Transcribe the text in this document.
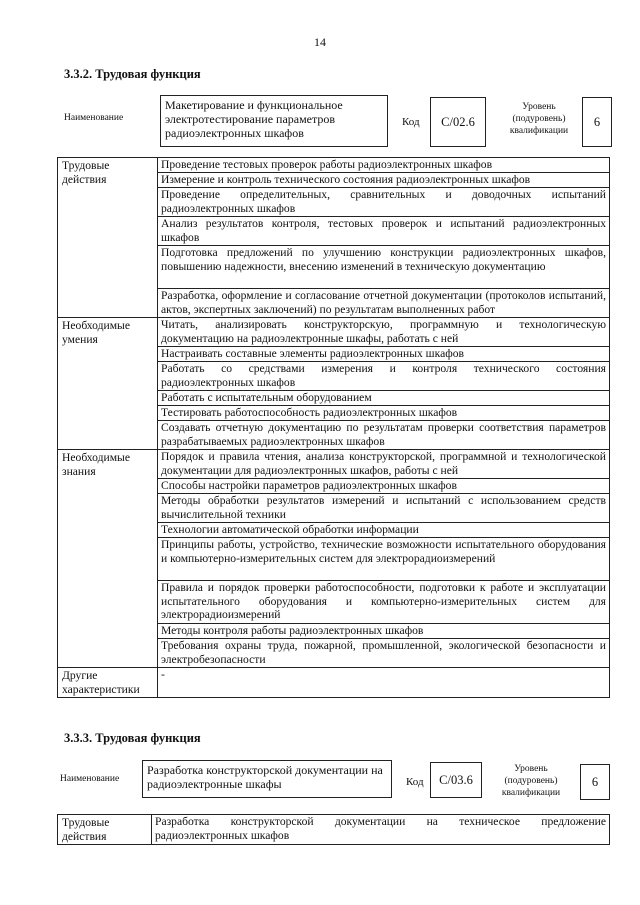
14
3.3.2. Трудовая функция
Наименование
Макетирование и функциональное электротестирование параметров радиоэлектронных шкафов
Код C/02.6
Уровень (подуровень) квалификации
6
Трудовые действия	Проведение тестовых проверок работы радиоэлектронных шкафов
	Измерение и контроль технического состояния радиоэлектронных шкафов
	Проведение определительных, сравнительных и доводочных испытаний радиоэлектронных шкафов
	Анализ результатов контроля, тестовых проверок и испытаний радиоэлектронных шкафов
	Подготовка предложений по улучшению конструкции радиоэлектронных шкафов, повышению надежности, внесению изменений в техническую документацию
	Разработка, оформление и согласование отчетной документации (протоколов испытаний, актов, экспертных заключений) по результатам выполненных работ
Необходимые умения	Читать, анализировать конструкторскую, программную и технологическую документацию на радиоэлектронные шкафы, работать с ней
	Настраивать составные элементы радиоэлектронных шкафов
	Работать со средствами измерения и контроля технического состояния радиоэлектронных шкафов
	Работать с испытательным оборудованием
	Тестировать работоспособность радиоэлектронных шкафов
	Создавать отчетную документацию по результатам проверки соответствия параметров разрабатываемых радиоэлектронных шкафов
Необходимые знания	Порядок и правила чтения, анализа конструкторской, программной и технологической документации для радиоэлектронных шкафов, работы с ней
	Способы настройки параметров радиоэлектронных шкафов
	Методы обработки результатов измерений и испытаний с использованием средств вычислительной техники
	Технологии автоматической обработки информации
	Принципы работы, устройство, технические возможности испытательного оборудования и компьютерно-измерительных систем для электрорадиоизмерений
	Правила и порядок проверки работоспособности, подготовки к работе и эксплуатации испытательного оборудования и компьютерно-измерительных систем для электрорадиоизмерений
	Методы контроля работы радиоэлектронных шкафов
	Требования охраны труда, пожарной, промышленной, экологической безопасности и электробезопасности
Другие характеристики	-
3.3.3. Трудовая функция
Наименование
Разработка конструкторской документации на радиоэлектронные шкафы	Код C/03.6
Уровень (подуровень) квалификации
6
Трудовые действия	Разработка конструкторской документации на техническое предложение радиоэлектронных шкафов
